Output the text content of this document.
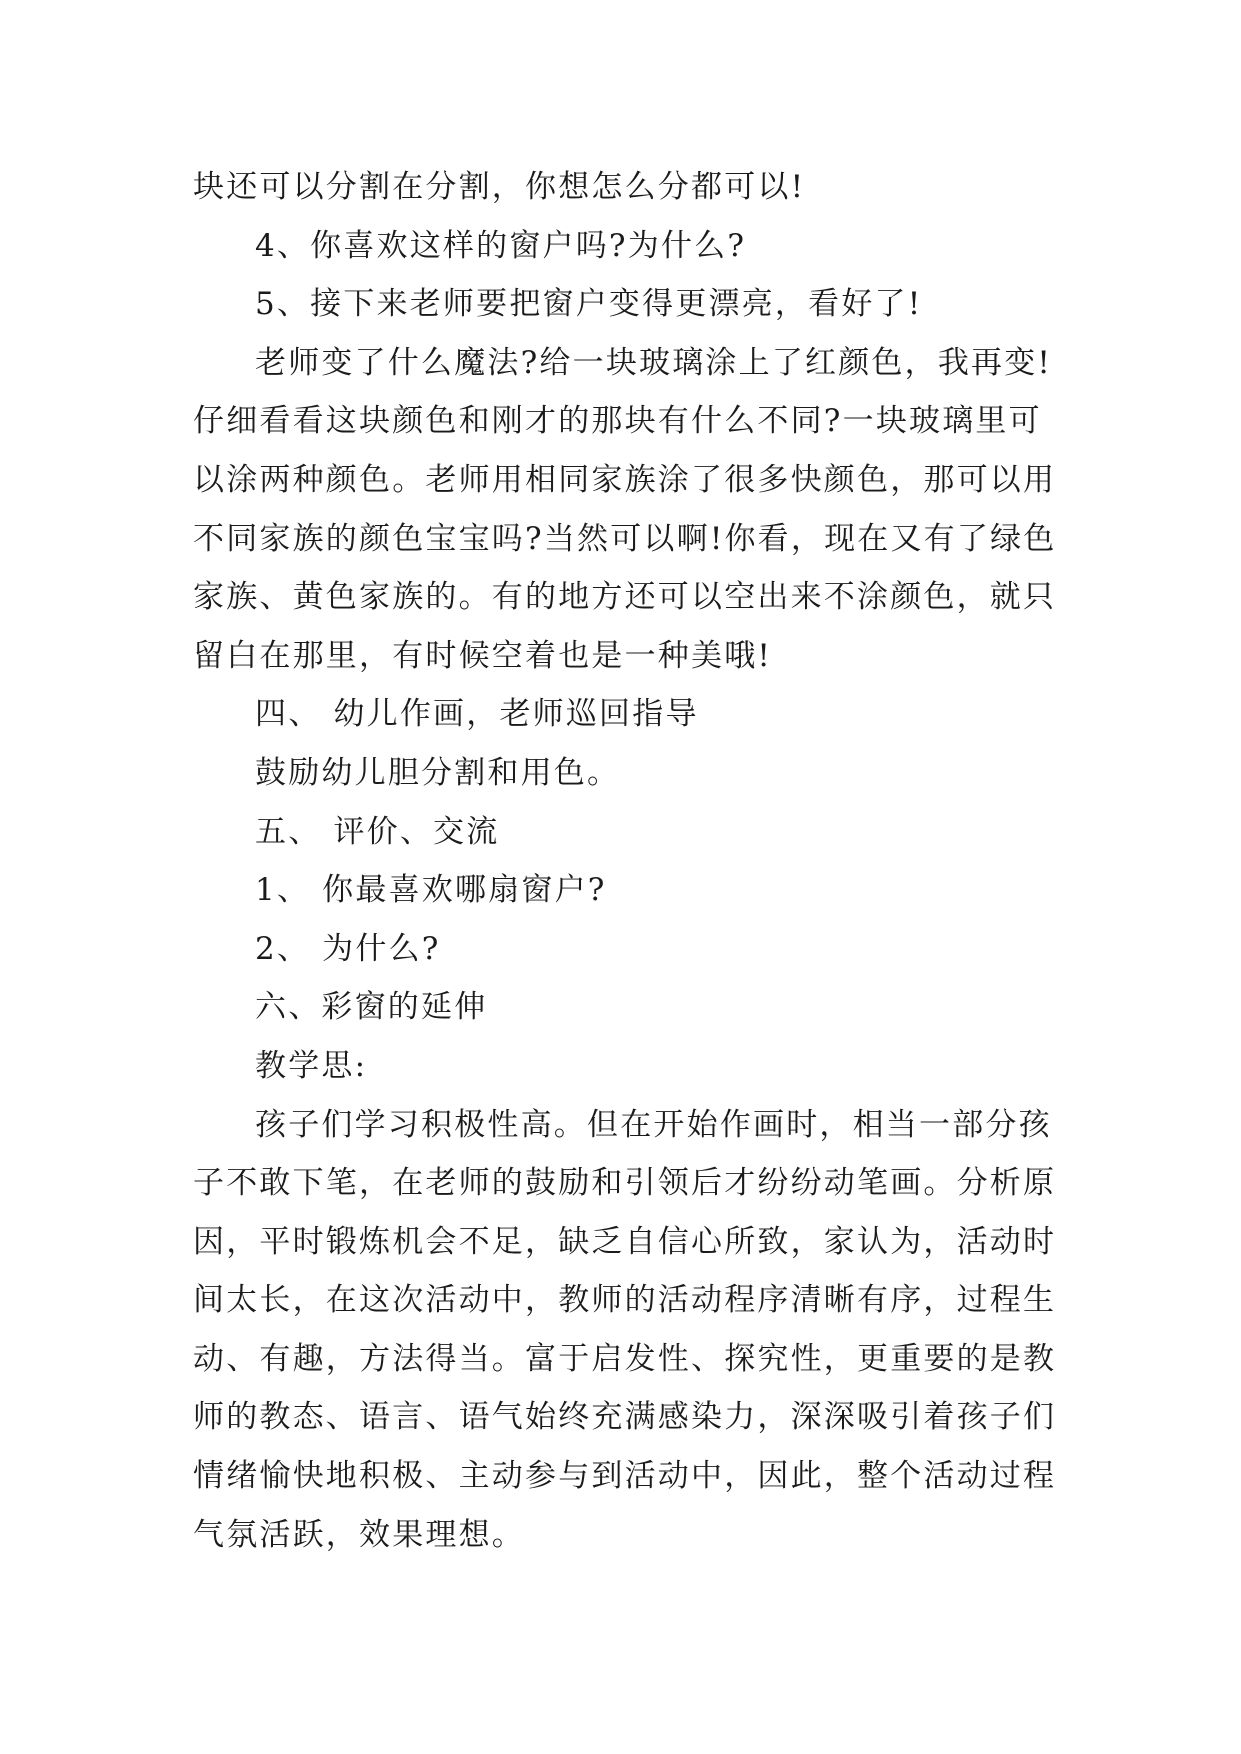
块还可以分割在分割，你想怎么分都可以!
4、你喜欢这样的窗户吗?为什么?
5、接下来老师要把窗户变得更漂亮，看好了!
老师变了什么魔法?给一块玻璃涂上了红颜色，我再变!
仔细看看这块颜色和刚才的那块有什么不同?一块玻璃里可
以涂两种颜色。老师用相同家族涂了很多快颜色，那可以用
不同家族的颜色宝宝吗?当然可以啊!你看，现在又有了绿色
家族、黄色家族的。有的地方还可以空出来不涂颜色，就只
留白在那里，有时候空着也是一种美哦!
四、 幼儿作画，老师巡回指导
鼓励幼儿胆分割和用色。
五、 评价、交流
1、 你最喜欢哪扇窗户?
2、 为什么?
六、彩窗的延伸
教学思:
孩子们学习积极性高。但在开始作画时，相当一部分孩
子不敢下笔，在老师的鼓励和引领后才纷纷动笔画。分析原
因，平时锻炼机会不足，缺乏自信心所致，家认为，活动时
间太长，在这次活动中，教师的活动程序清晰有序，过程生
动、有趣，方法得当。富于启发性、探究性，更重要的是教
师的教态、语言、语气始终充满感染力，深深吸引着孩子们
情绪愉快地积极、主动参与到活动中，因此，整个活动过程
气氛活跃，效果理想。
